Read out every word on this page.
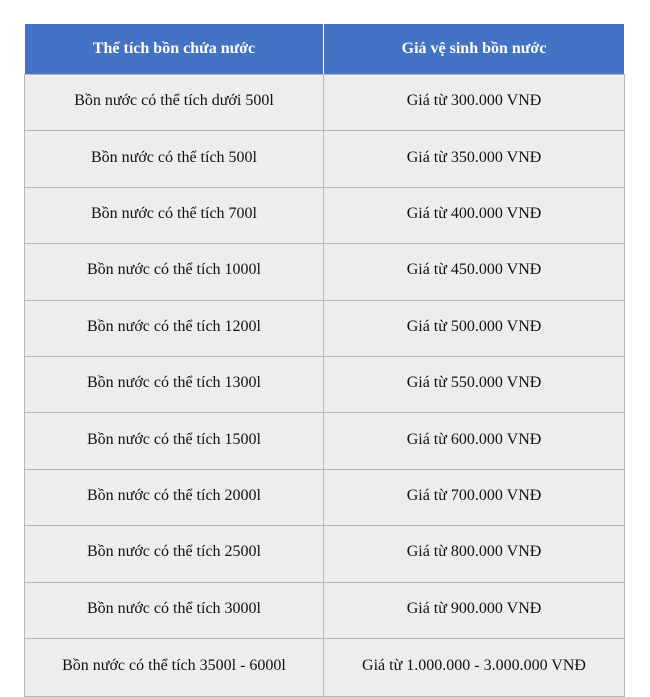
Thể tích bồn chứa nước	Giá vệ sinh bồn nước
Bồn nước có thể tích dưới 500l	Giá từ 300.000 VNĐ
Bồn nước có thể tích 500l	Giá từ 350.000 VNĐ
Bồn nước có thể tích 700l	Giá từ 400.000 VNĐ
Bồn nước có thể tích 1000l	Giá từ 450.000 VNĐ
Bồn nước có thể tích 1200l	Giá từ 500.000 VNĐ
Bồn nước có thể tích 1300l	Giá từ 550.000 VNĐ
Bồn nước có thể tích 1500l	Giá từ 600.000 VNĐ
Bồn nước có thể tích 2000l	Giá từ 700.000 VNĐ
Bồn nước có thể tích 2500l	Giá từ 800.000 VNĐ
Bồn nước có thể tích 3000l	Giá từ 900.000 VNĐ
Bồn nước có thể tích 3500l - 6000l	Giá từ 1.000.000 - 3.000.000 VNĐ
